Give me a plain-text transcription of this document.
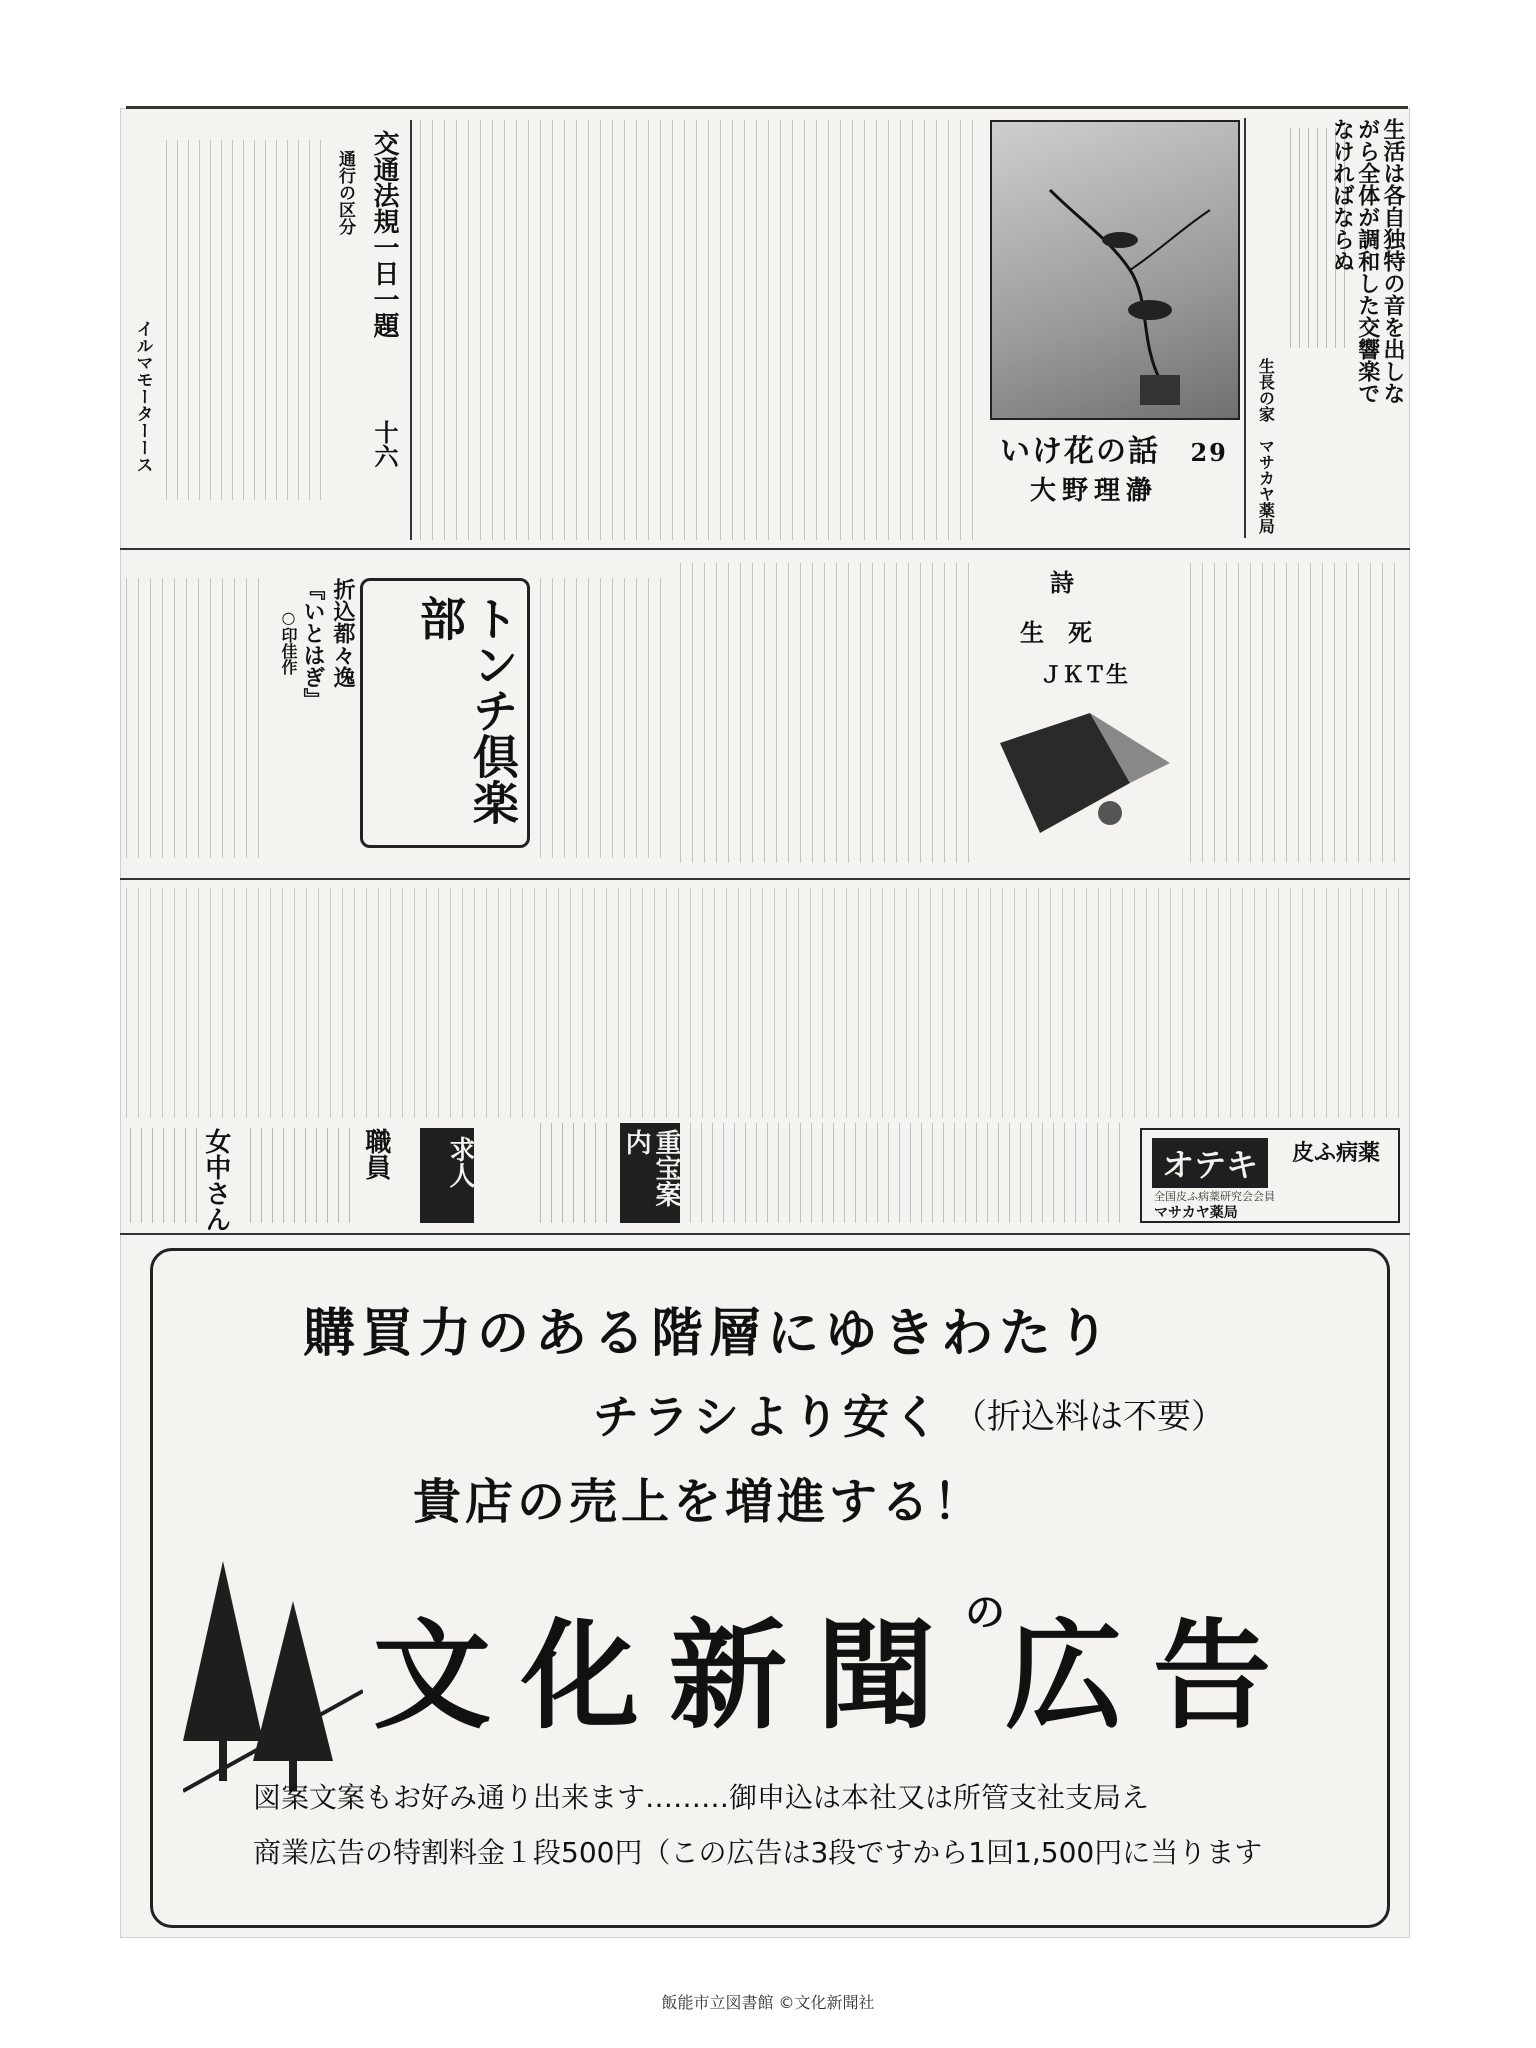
生活は各自独特の音を出しながら全体が調和した交響楽でなければならぬ
生長の家　マサカヤ薬局
いけ花の話 29
大野理瀞
交通法規一日一題
十六
通行の区分
イルマモーターース
詩
生　死
ＪＫＴ生
トンチ倶楽部
折込都々逸
『いとはぎ』
○印佳作
オテキ	皮ふ病薬
全国皮ふ病薬研究会会員
マサカヤ薬局
重宝案内
求人
職員
女中さん
購買力のある階層にゆきわたり
チラシより安く （折込料は不要）
貴店の売上を増進する！
文化新聞$^の$広告
図案文案もお好み通り出来ます………御申込は本社又は所管支社支局え
商業広告の特割料金１段500円（この広告は3段ですから1回1,500円に当ります
飯能市立図書館 ©文化新聞社
